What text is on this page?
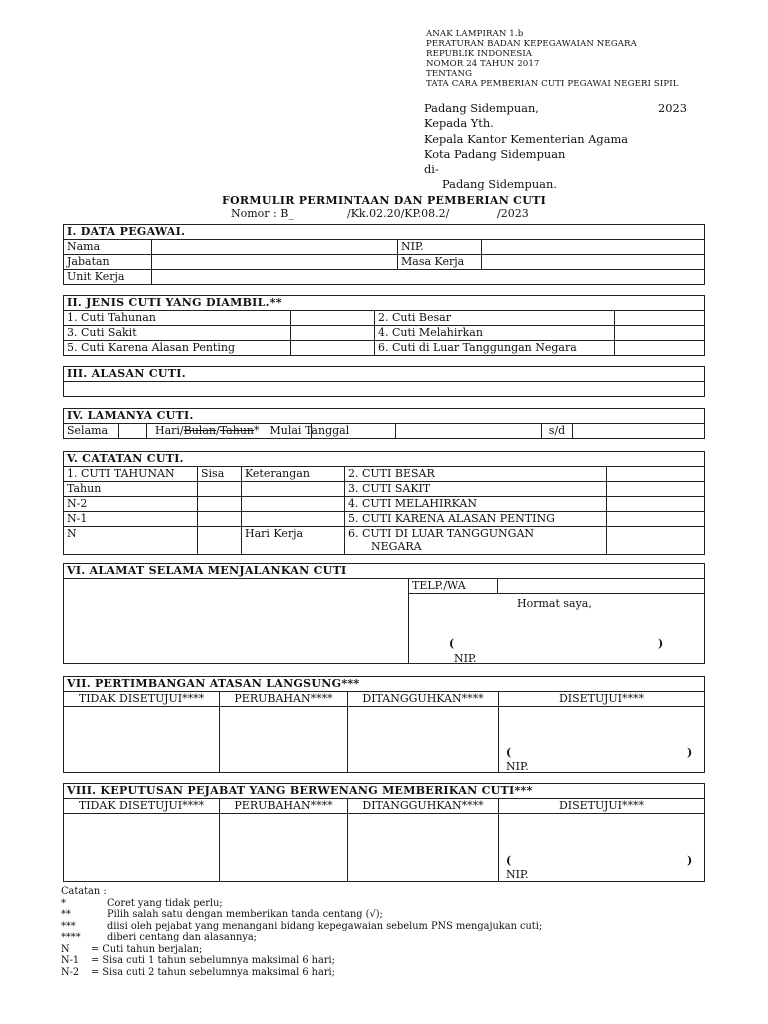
ANAK LAMPIRAN 1.b
PERATURAN BADAN KEPEGAWAIAN NEGARA
REPUBLIK INDONESIA
NOMOR 24 TAHUN 2017
TENTANG
TATA CARA PEMBERIAN CUTI PEGAWAI NEGERI SIPIL
Padang Sidempuan,	2023
Kepada Yth.
Kepala Kantor Kementerian Agama
Kota Padang Sidempuan
di-
Padang Sidempuan.
FORMULIR PERMINTAAN DAN PEMBERIAN CUTI
Nomor : B_	/Kk.02.20/KP.08.2/	/2023
I. DATA PEGAWAI.			
Nama		NIP.	
Jabatan		Masa Kerja	
Unit Kerja			
II. JENIS CUTI YANG DIAMBIL.**			
1. Cuti Tahunan		2. Cuti Besar	
3. Cuti Sakit		4. Cuti Melahirkan	
5. Cuti Karena Alasan Penting		6. Cuti di Luar Tanggungan Negara	
III. ALASAN CUTI.

IV. LAMANYA CUTI.
Selama		Hari/Bulan/Tahun* Mulai Tanggal			s/d	
V. CATATAN CUTI.				
1. CUTI TAHUNAN	Sisa	Keterangan	2. CUTI BESAR	
Tahun			3. CUTI SAKIT	
N-2			4. CUTI MELAHIRKAN	
N-1			5. CUTI KARENA ALASAN PENTING	
N		Hari Kerja	6. CUTI DI LUAR TANGGUNGAN
NEGARA	

VI. ALAMAT SELAMA MENJALANKAN CUTI
	TELP./WA	

Hormat saya,
(	)
NIP.
VII. PERTIMBANGAN ATASAN LANGSUNG***			
TIDAK DISETUJUI****	PERUBAHAN****	DITANGGUHKAN****	DISETUJUI****

			( )
NIP.
VIII. KEPUTUSAN PEJABAT YANG BERWENANG MEMBERIKAN CUTI***			
TIDAK DISETUJUI****	PERUBAHAN****	DITANGGUHKAN****	DISETUJUI****

			( )
NIP.
Catatan :
*	Coret yang tidak perlu;
**	Pilih salah satu dengan memberikan tanda centang (√);
***	diisi oleh pejabat yang menangani bidang kepegawaian sebelum PNS mengajukan cuti;
****	diberi centang dan alasannya;
N = Cuti tahun berjalan;
N-1 = Sisa cuti 1 tahun sebelumnya maksimal 6 hari;
N-2 = Sisa cuti 2 tahun sebelumnya maksimal 6 hari;
